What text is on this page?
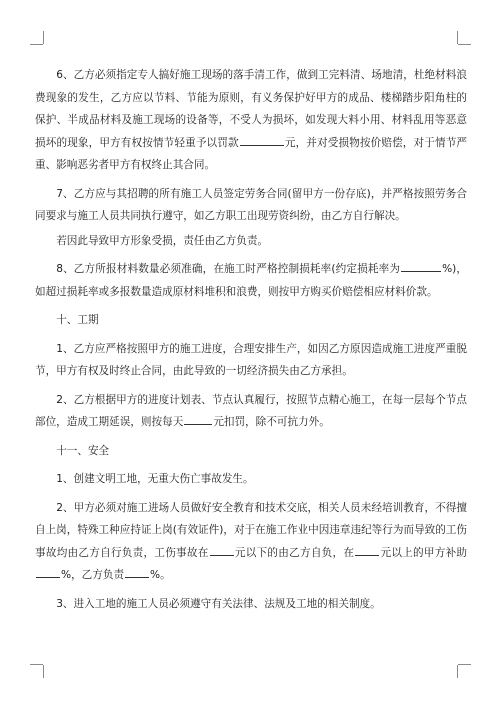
6、乙方必须指定专人搞好施工现场的落手清工作，做到工完料清、场地清，杜绝材料浪费现象的发生，乙方应以节料、节能为原则，有义务保护好甲方的成品、楼梯踏步阳角柱的保护、半成品材料及施工现场的设备等，不受人为损坏，如发现大料小用、材料乱用等恶意损坏的现象，甲方有权按情节轻重予以罚款	元，并对受损物按价赔偿，对于情节严重、影响恶劣者甲方有权终止其合同。

7、乙方应与其招聘的所有施工人员签定劳务合同(留甲方一份存底)，并严格按照劳务合同要求与施工人员共同执行遵守，如乙方职工出现劳资纠纷，由乙方自行解决。

若因此导致甲方形象受损，责任由乙方负责。

8、乙方所报材料数量必须准确，在施工时严格控制损耗率(约定损耗率为	%)，如超过损耗率或多报数量造成原材料堆积和浪费，则按甲方购买价赔偿相应材料价款。

十、工期

1、乙方应严格按照甲方的施工进度，合理安排生产，如因乙方原因造成施工进度严重脱节，甲方有权及时终止合同，由此导致的一切经济损失由乙方承担。

2、乙方根据甲方的进度计划表、节点认真履行，按照节点精心施工，在每一层每个节点部位，造成工期延误，则按每天	元扣罚，除不可抗力外。

十一、安全

1、创建文明工地，无重大伤亡事故发生。

2、甲方必须对施工进场人员做好安全教育和技术交底，相关人员未经培训教育，不得擅自上岗，特殊工种应持证上岗(有效证件)，对于在施工作业中因违章违纪等行为而导致的工伤事故均由乙方自行负责，工伤事故在 元以下的由乙方自负，在 元以上的甲方补助%，乙方负责 %。

3、进入工地的施工人员必须遵守有关法律、法规及工地的相关制度。
